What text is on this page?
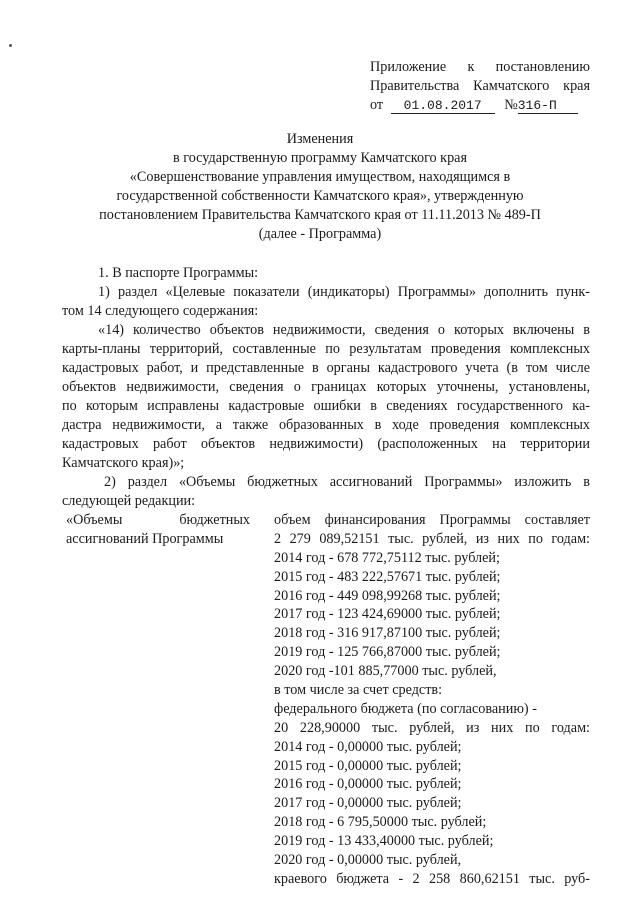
Приложение к постановлению
Правительства Камчатского края
от 01.08.2017 №316-П
Изменения
в государственную программу Камчатского края
«Совершенствование управления имуществом, находящимся в
государственной собственности Камчатского края», утвержденную
постановлением Правительства Камчатского края от 11.11.2013 № 489-П
(далее - Программа)
1. В паспорте Программы:
1) раздел «Целевые показатели (индикаторы) Программы» дополнить пунк-
том 14 следующего содержания:
«14) количество объектов недвижимости, сведения о которых включены в
карты-планы территорий, составленные по результатам проведения комплексных
кадастровых работ, и представленные в органы кадастрового учета (в том числе
объектов недвижимости, сведения о границах которых уточнены, установлены,
по которым исправлены кадастровые ошибки в сведениях государственного ка-
дастра недвижимости, а также образованных в ходе проведения комплексных
кадастровых работ объектов недвижимости) (расположенных на территории
Камчатского края)»;
2) раздел «Объемы бюджетных ассигнований Программы» изложить в
следующей редакции:
«Объемы	бюджетных
ассигнований Программы
объем финансирования Программы составляет
2 279 089,52151 тыс. рублей, из них по годам:
2014 год - 678 772,75112 тыс. рублей;
2015 год - 483 222,57671 тыс. рублей;
2016 год - 449 098,99268 тыс. рублей;
2017 год - 123 424,69000 тыс. рублей;
2018 год - 316 917,87100 тыс. рублей;
2019 год - 125 766,87000 тыс. рублей;
2020 год -101 885,77000 тыс. рублей,
в том числе за счет средств:
федерального бюджета (по согласованию) -
20 228,90000 тыс. рублей, из них по годам:
2014 год - 0,00000 тыс. рублей;
2015 год - 0,00000 тыс. рублей;
2016 год - 0,00000 тыс. рублей;
2017 год - 0,00000 тыс. рублей;
2018 год - 6 795,50000 тыс. рублей;
2019 год - 13 433,40000 тыс. рублей;
2020 год - 0,00000 тыс. рублей,
краевого бюджета - 2 258 860,62151 тыс. руб-
